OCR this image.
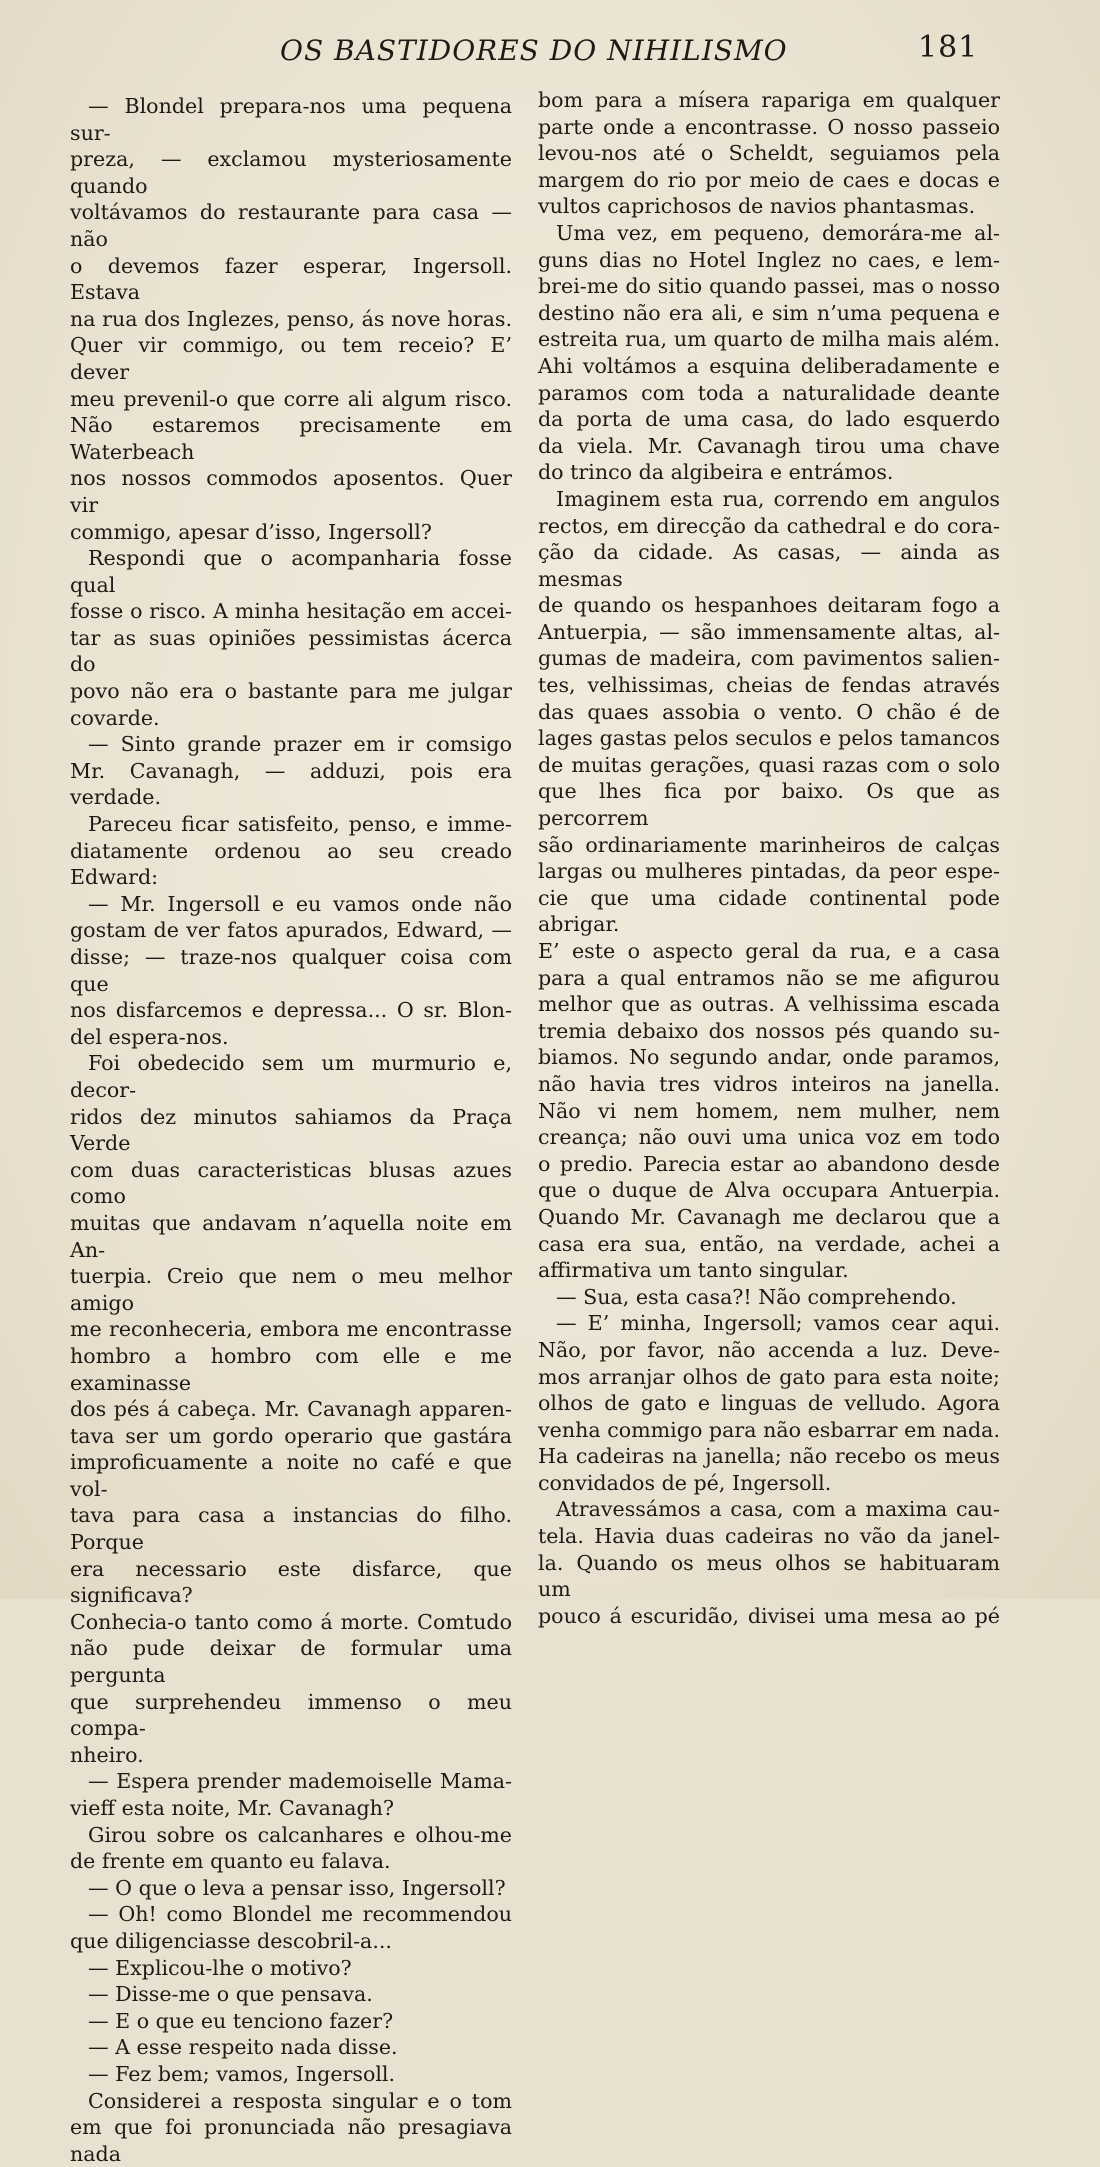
OS BASTIDORES DO NIHILISMO	181

— Blondel prepara-nos uma pequena sur-

preza, — exclamou mysteriosamente quando

voltávamos do restaurante para casa — não

o devemos fazer esperar, Ingersoll. Estava

na rua dos Inglezes, penso, ás nove horas.

Quer vir commigo, ou tem receio? E’ dever

meu prevenil-o que corre ali algum risco.

Não estaremos precisamente em Waterbeach

nos nossos commodos aposentos. Quer vir

commigo, apesar d’isso, Ingersoll?

Respondi que o acompanharia fosse qual

fosse o risco. A minha hesitação em accei-

tar as suas opiniões pessimistas ácerca do

povo não era o bastante para me julgar

covarde.

— Sinto grande prazer em ir comsigo

Mr. Cavanagh, — adduzi, pois era verdade.

Pareceu ficar satisfeito, penso, e imme-

diatamente ordenou ao seu creado Edward:

— Mr. Ingersoll e eu vamos onde não

gostam de ver fatos apurados, Edward, —

disse; — traze-nos qualquer coisa com que

nos disfarcemos e depressa... O sr. Blon-

del espera-nos.

Foi obedecido sem um murmurio e, decor-

ridos dez minutos sahiamos da Praça Verde

com duas caracteristicas blusas azues como

muitas que andavam n’aquella noite em An-

tuerpia. Creio que nem o meu melhor amigo

me reconheceria, embora me encontrasse

hombro a hombro com elle e me examinasse

dos pés á cabeça. Mr. Cavanagh apparen-

tava ser um gordo operario que gastára

improficuamente a noite no café e que vol-

tava para casa a instancias do filho. Porque

era necessario este disfarce, que significava?

Conhecia-o tanto como á morte. Comtudo

não pude deixar de formular uma pergunta

que surprehendeu immenso o meu compa-

nheiro.

— Espera prender mademoiselle Mama-

vieff esta noite, Mr. Cavanagh?

Girou sobre os calcanhares e olhou-me

de frente em quanto eu falava.

— O que o leva a pensar isso, Ingersoll?

— Oh! como Blondel me recommendou

que diligenciasse descobril-a...

— Explicou-lhe o motivo?

— Disse-me o que pensava.

— E o que eu tenciono fazer?

— A esse respeito nada disse.

— Fez bem; vamos, Ingersoll.

Considerei a resposta singular e o tom

em que foi pronunciada não presagiava nada

bom para a mísera rapariga em qualquer

parte onde a encontrasse. O nosso passeio

levou-nos até o Scheldt, seguiamos pela

margem do rio por meio de caes e docas e

vultos caprichosos de navios phantasmas.

Uma vez, em pequeno, demorára-me al-

guns dias no Hotel Inglez no caes, e lem-

brei-me do sitio quando passei, mas o nosso

destino não era ali, e sim n’uma pequena e

estreita rua, um quarto de milha mais além.

Ahi voltámos a esquina deliberadamente e

paramos com toda a naturalidade deante

da porta de uma casa, do lado esquerdo

da viela. Mr. Cavanagh tirou uma chave

do trinco da algibeira e entrámos.

Imaginem esta rua, correndo em angulos

rectos, em direcção da cathedral e do cora-

ção da cidade. As casas, — ainda as mesmas

de quando os hespanhoes deitaram fogo a

Antuerpia, — são immensamente altas, al-

gumas de madeira, com pavimentos salien-

tes, velhissimas, cheias de fendas através

das quaes assobia o vento. O chão é de

lages gastas pelos seculos e pelos tamancos

de muitas gerações, quasi razas com o solo

que lhes fica por baixo. Os que as percorrem

são ordinariamente marinheiros de calças

largas ou mulheres pintadas, da peor espe-

cie que uma cidade continental pode abrigar.

E’ este o aspecto geral da rua, e a casa

para a qual entramos não se me afigurou

melhor que as outras. A velhissima escada

tremia debaixo dos nossos pés quando su-

biamos. No segundo andar, onde paramos,

não havia tres vidros inteiros na janella.

Não vi nem homem, nem mulher, nem

creança; não ouvi uma unica voz em todo

o predio. Parecia estar ao abandono desde

que o duque de Alva occupara Antuerpia.

Quando Mr. Cavanagh me declarou que a

casa era sua, então, na verdade, achei a

affirmativa um tanto singular.

— Sua, esta casa?! Não comprehendo.

— E’ minha, Ingersoll; vamos cear aqui.

Não, por favor, não accenda a luz. Deve-

mos arranjar olhos de gato para esta noite;

olhos de gato e linguas de velludo. Agora

venha commigo para não esbarrar em nada.

Ha cadeiras na janella; não recebo os meus

convidados de pé, Ingersoll.

Atravessámos a casa, com a maxima cau-

tela. Havia duas cadeiras no vão da janel-

la. Quando os meus olhos se habituaram um

pouco á escuridão, divisei uma mesa ao pé
